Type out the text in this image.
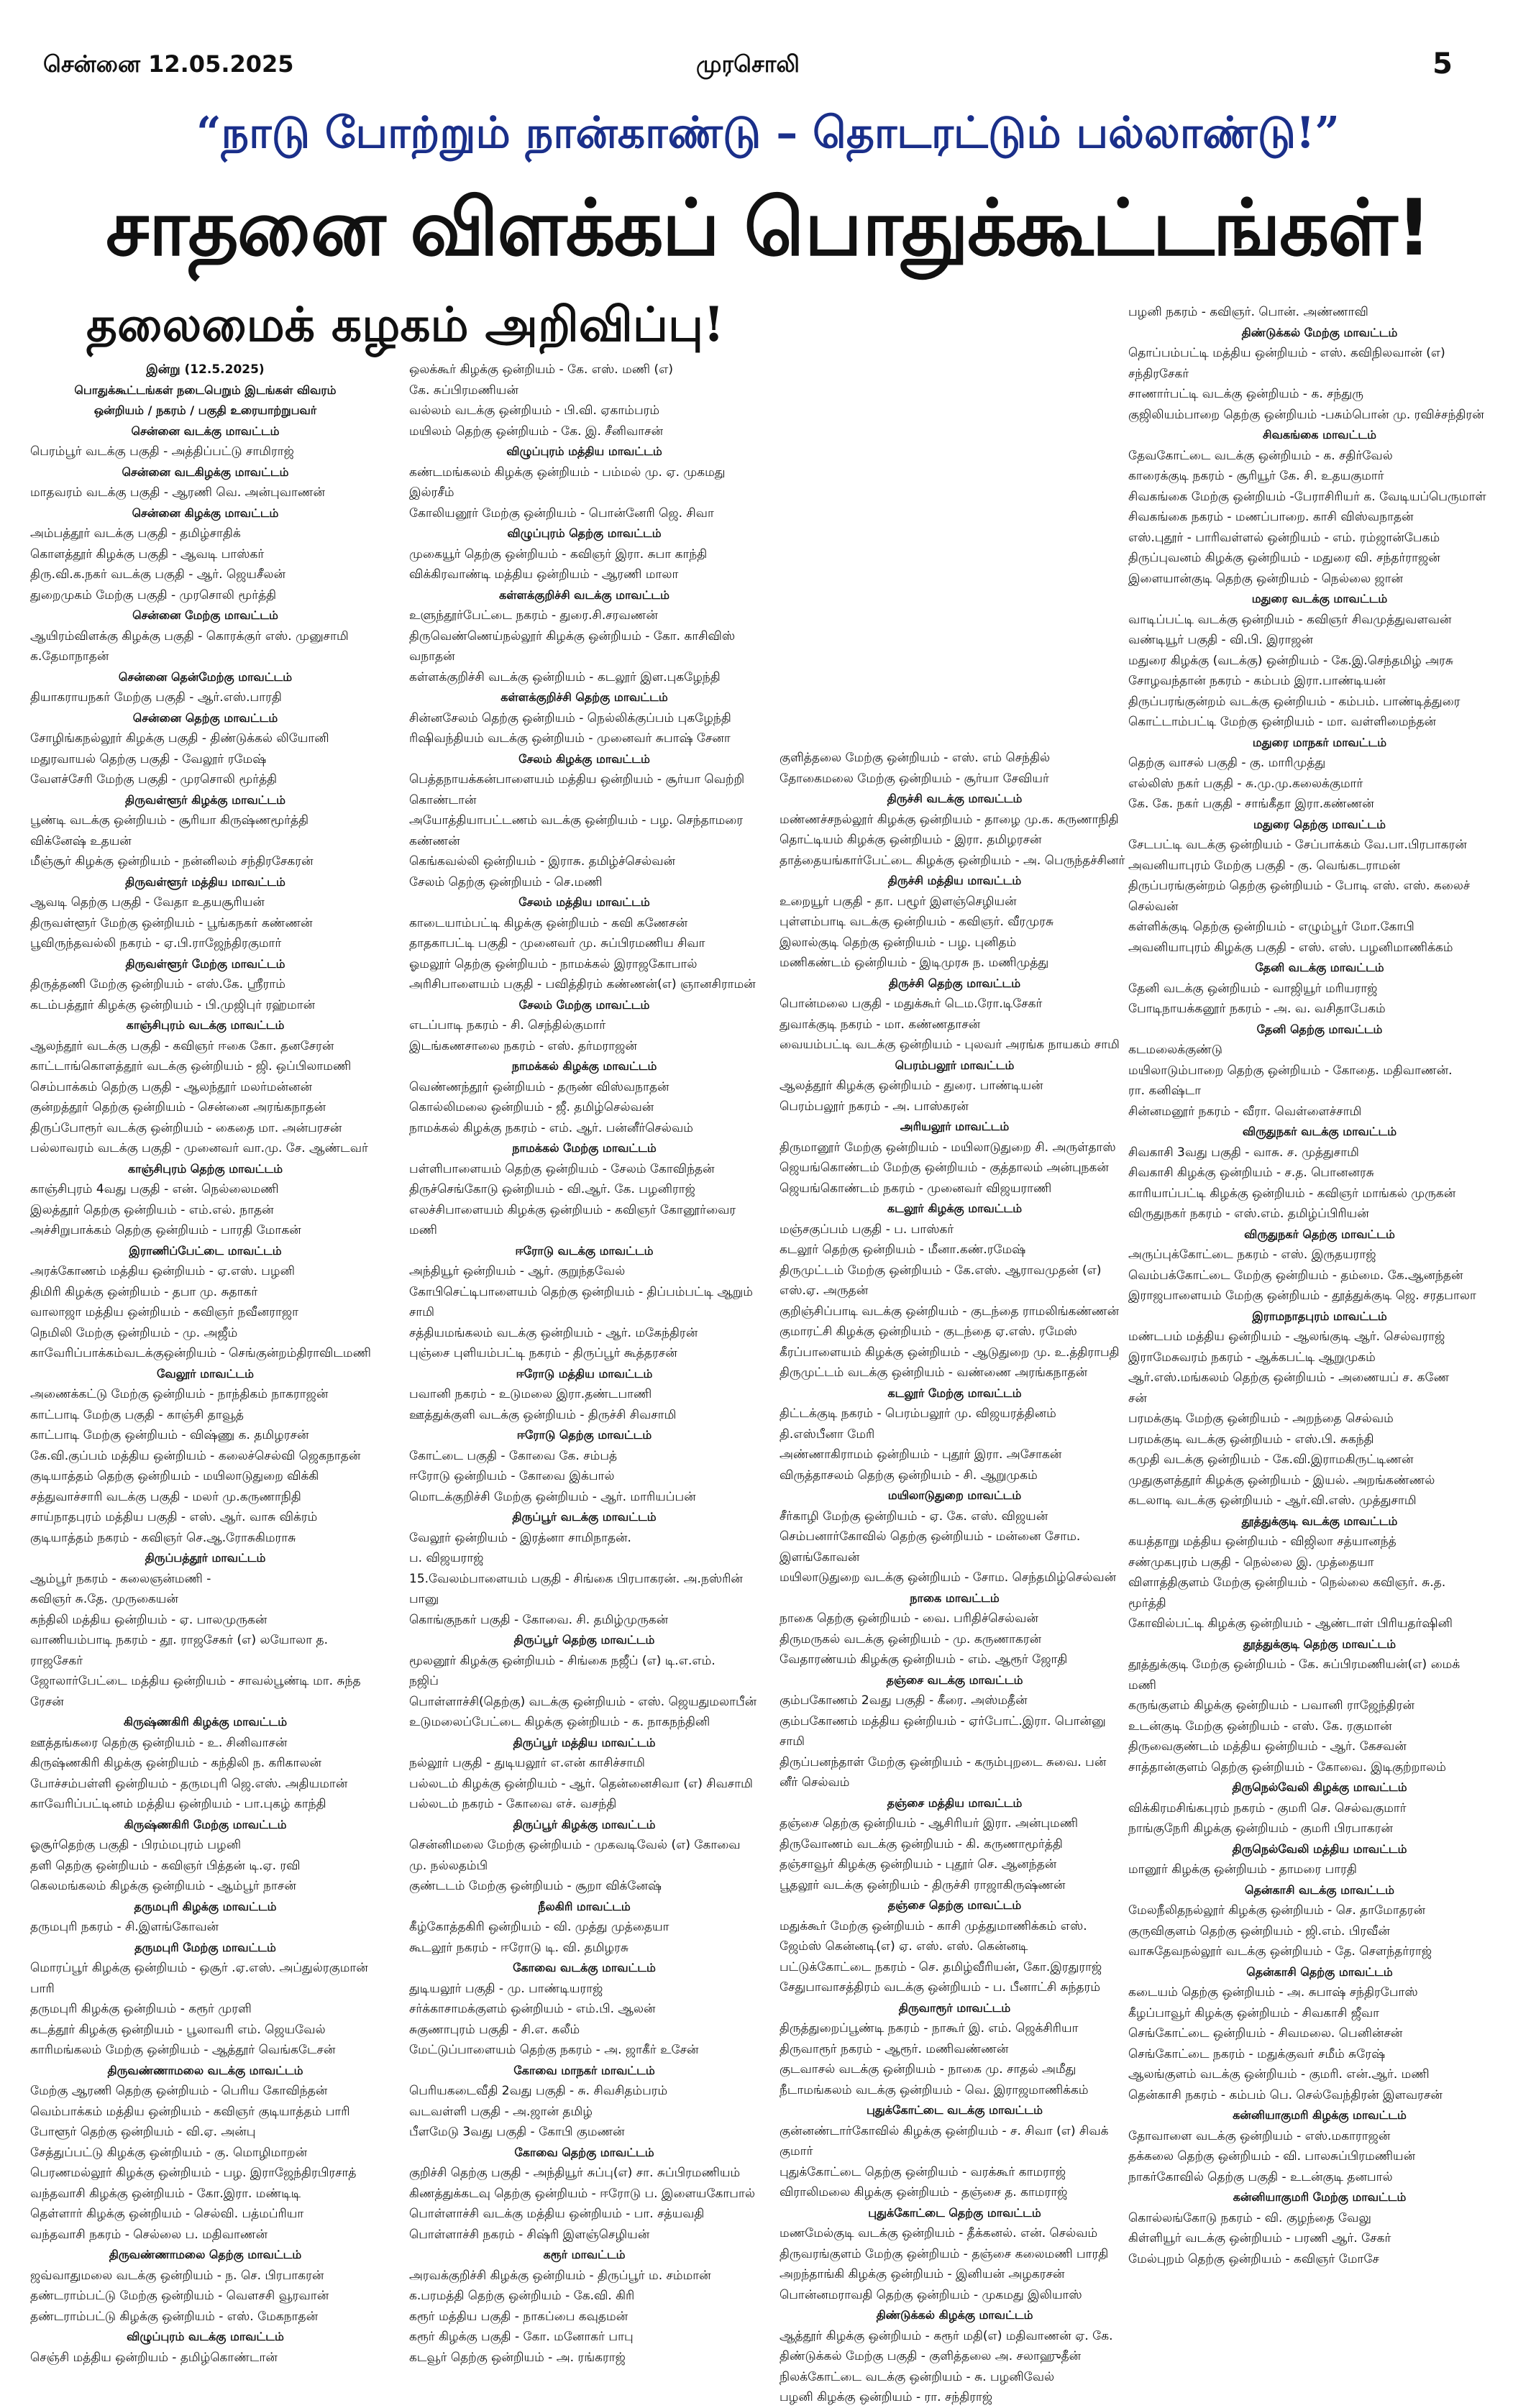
சென்னை 12.05.2025	முரசொலி	5
“நாடு போற்றும் நான்காண்டு – தொடரட்டும் பல்லாண்டு!”
சாதனை விளக்கப் பொதுக்கூட்டங்கள்!
தலைமைக் கழகம் அறிவிப்பு!
இன்று (12.5.2025)
பொதுக்கூட்டங்கள் நடைபெறும் இடங்கள் விவரம்
ஒன்றியம் / நகரம் / பகுதி உரையாற்றுபவர்
சென்னை வடக்கு மாவட்டம்
பெரம்பூர் வடக்கு பகுதி - அத்திப்பட்டு சாமிராஜ்
சென்னை வடகிழக்கு மாவட்டம்
மாதவரம் வடக்கு பகுதி - ஆரணி வெ. அன்புவாணன்
சென்னை கிழக்கு மாவட்டம்
அம்பத்தூர் வடக்கு பகுதி - தமிழ்சாதிக்
கொளத்தூர் கிழக்கு பகுதி - ஆவடி பாஸ்கர்
திரு.வி.க.நகர் வடக்கு பகுதி - ஆர். ஜெயசீலன்
துறைமுகம் மேற்கு பகுதி - முரசொலி மூர்த்தி
சென்னை மேற்கு மாவட்டம்
ஆயிரம்விளக்கு கிழக்கு பகுதி - கொரக்குர் எஸ். முனுசாமி
க.தேமாநாதன்
சென்னை தென்மேற்கு மாவட்டம்
தியாகராயநகர் மேற்கு பகுதி - ஆர்.எஸ்.பாரதி
சென்னை தெற்கு மாவட்டம்
சோழிங்கநல்லூர் கிழக்கு பகுதி - திண்டுக்கல் லியோனி
மதுரவாயல் தெற்கு பகுதி - வேலூர் ரமேஷ்
வேளச்சேரி மேற்கு பகுதி - முரசொலி மூர்த்தி
திருவள்ளூர் கிழக்கு மாவட்டம்
பூண்டி வடக்கு ஒன்றியம் - சூரியா கிருஷ்ணமூர்த்தி
விக்னேஷ் உதயன்
மீஞ்சூர் கிழக்கு ஒன்றியம் - நன்னிலம் சந்திரசேகரன்
திருவள்ளூர் மத்திய மாவட்டம்
ஆவடி தெற்கு பகுதி - வேதா உதயசூரியன்
திருவள்ளூர் மேற்கு ஒன்றியம் - பூங்கநகர் கண்ணன்
பூவிருந்தவல்லி நகரம் - ஏ.பி.ராஜேந்திரகுமார்
திருவள்ளூர் மேற்கு மாவட்டம்
திருத்தணி மேற்கு ஒன்றியம் - எஸ்.கே. ஸ்ரீராம்
கடம்பத்தூர் கிழக்கு ஒன்றியம் - பி.முஜிபுர் ரஹ்மான்
காஞ்சிபுரம் வடக்கு மாவட்டம்
ஆலந்தூர் வடக்கு பகுதி - கவிஞர் ஈகை கோ. தனசேரன்
காட்டாங்கொளத்தூர் வடக்கு ஒன்றியம் - ஜி. ஒப்பிலாமணி
செம்பாக்கம் தெற்கு பகுதி - ஆலந்தூர் மலர்மன்னன்
குன்றத்தூர் தெற்கு ஒன்றியம் - சென்னை அரங்கநாதன்
திருப்போரூர் வடக்கு ஒன்றியம் - கைதை மா. அன்பரசன்
பல்லாவரம் வடக்கு பகுதி - முனைவர் வா.மு. சே. ஆண்டவர்
காஞ்சிபுரம் தெற்கு மாவட்டம்
காஞ்சிபுரம் 4வது பகுதி - என். நெல்லைமணி
இலத்தூர் தெற்கு ஒன்றியம் - எம்.எல். நாதன்
அச்சிறுபாக்கம் தெற்கு ஒன்றியம் - பாரதி மோகன்
இராணிப்பேட்டை மாவட்டம்
அரக்கோணம் மத்திய ஒன்றியம் - ஏ.எஸ். பழனி
திமிரி கிழக்கு ஒன்றியம் - தபா மு. சுதாகர்
வாலாஜா மத்திய ஒன்றியம் - கவிஞர் நவீனராஜா
நெமிலி மேற்கு ஒன்றியம் - மு. அஜீம்
காவேரிப்பாக்கம்வடக்குஒன்றியம் - செங்குன்றம்திராவிடமணி
வேலூர் மாவட்டம்
அணைக்கட்டு மேற்கு ஒன்றியம் - நாந்திகம் நாகராஜன்
காட்பாடி மேற்கு பகுதி - காஞ்சி தாவூத்
காட்பாடி மேற்கு ஒன்றியம் - விஷ்ணு க. தமிழரசன்
கே.வி.குப்பம் மத்திய ஒன்றியம் - கலைச்செல்வி ஜெகநாதன்
குடியாத்தம் தெற்கு ஒன்றியம் - மயிலாடுதுறை விக்கி
சத்துவாச்சாரி வடக்கு பகுதி - மலர் மு.கருணாநிதி
சாய்நாதபுரம் மத்திய பகுதி - எஸ். ஆர். வாசு விக்ரம்
குடியாத்தம் நகரம் - கவிஞர் செ.ஆ.ரோசுகிமராசு
திருப்பத்தூர் மாவட்டம்
ஆம்பூர் நகரம் - கலைஞன்மணி -
கவிஞர் சு.தே. முருகையன்
கந்திலி மத்திய ஒன்றியம் - ஏ. பாலமுருகன்
வாணியம்பாடி நகரம் - தூ. ராஜசேகர் (எ) லயோலா த.
ராஜசேகர்
ஜோலார்பேட்டை மத்திய ஒன்றியம் - சாவல்பூண்டி மா. சுந்த
ரேசன்
கிருஷ்ணகிரி கிழக்கு மாவட்டம்
ஊத்தங்கரை தெற்கு ஒன்றியம் - உ. சினிவாசன்
கிருஷ்ணகிரி கிழக்கு ஒன்றியம் - கந்திலி ந. கரிகாலன்
போச்சம்பள்ளி ஒன்றியம் - தருமபுரி ஜெ.எஸ். அதியமான்
காவேரிப்பட்டினம் மத்திய ஒன்றியம் - பா.புகழ் காந்தி
கிருஷ்ணகிரி மேற்கு மாவட்டம்
ஓசூர்தெற்கு பகுதி - பிரம்மபுரம் பழனி
தளி தெற்கு ஒன்றியம் - கவிஞர் பித்தன் டி.ஏ. ரவி
கெலமங்கலம் கிழக்கு ஒன்றியம் - ஆம்பூர் நாசன்
தருமபுரி கிழக்கு மாவட்டம்
தருமபுரி நகரம் - சி.இளங்கோவன்
தருமபுரி மேற்கு மாவட்டம்
மொரப்பூர் கிழக்கு ஒன்றியம் - ஒசூர் .ஏ.எஸ். அப்துல்ரகுமான்
பாரி
தருமபுரி கிழக்கு ஒன்றியம் - கரூர் முரளி
கடத்தூர் கிழக்கு ஒன்றியம் - பூலாவரி எம். ஜெயவேல்
காரிமங்கலம் மேற்கு ஒன்றியம் - ஆத்தூர் வெங்கடேசன்
திருவண்ணாமலை வடக்கு மாவட்டம்
மேற்கு ஆரணி தெற்கு ஒன்றியம் - பெரிய கோவிந்தன்
வெம்பாக்கம் மத்திய ஒன்றியம் - கவிஞர் குடியாத்தம் பாரி
போளூர் தெற்கு ஒன்றியம் - வி.ஏ. அன்பு
சேத்துப்பட்டு கிழக்கு ஒன்றியம் - கு. மொழிமாறன்
பெரணமல்லூர் கிழக்கு ஒன்றியம் - பழ. இராஜேந்திரபிரசாத்
வந்தவாசி கிழக்கு ஒன்றியம் - கோ.இரா. மண்டிடி
தெள்ளார் கிழக்கு ஒன்றியம் - செல்வி. பத்மப்ரியா
வந்தவாசி நகரம் - செல்லை ப. மதிவாணன்
திருவண்ணாமலை தெற்கு மாவட்டம்
ஜவ்வாதுமலை வடக்கு ஒன்றியம் - ந. செ. பிரபாகரன்
தண்டராம்பட்டு மேற்கு ஒன்றியம் - வெளசசி வூரவான்
தண்டராம்பட்டு கிழக்கு ஒன்றியம் - எஸ். மேகநாதன்
விழுப்புரம் வடக்கு மாவட்டம்
செஞ்சி மத்திய ஒன்றியம் - தமிழ்கொண்டான்
ஒலக்கூர் கிழக்கு ஒன்றியம் - கே. எஸ். மணி (எ)
கே. சுப்பிரமணியன்
வல்லம் வடக்கு ஒன்றியம் - பி.வி. ஏகாம்பரம்
மயிலம் தெற்கு ஒன்றியம் - கே. இ. சீனிவாசன்
விழுப்புரம் மத்திய மாவட்டம்
கண்டமங்கலம் கிழக்கு ஒன்றியம் - பம்மல் மு. ஏ. முகமது
இல்ரசீம்
கோலியனூர் மேற்கு ஒன்றியம் - பொன்னேரி ஜெ. சிவா
விழுப்புரம் தெற்கு மாவட்டம்
முகையூர் தெற்கு ஒன்றியம் - கவிஞர் இரா. சுபா காந்தி
விக்கிரவாண்டி மத்திய ஒன்றியம் - ஆரணி மாலா
கள்ளக்குறிச்சி வடக்கு மாவட்டம்
உளுந்தூர்பேட்டை நகரம் - துரை.சி.சரவணன்
திருவெண்ணெய்நல்லூர் கிழக்கு ஒன்றியம் - கோ. காசிவிஸ்
வநாதன்
கள்ளக்குறிச்சி வடக்கு ஒன்றியம் - கடலூர் இள.புகழேந்தி
கள்ளக்குறிச்சி தெற்கு மாவட்டம்
சின்னசேலம் தெற்கு ஒன்றியம் - நெல்லிக்குப்பம் புகழேந்தி
ரிஷிவந்தியம் வடக்கு ஒன்றியம் - முனைவர் சுபாஷ் சேனா
சேலம் கிழக்கு மாவட்டம்
பெத்தநாயக்கன்பாளையம் மத்திய ஒன்றியம் - சூர்யா வெற்றி
கொண்டான்
அயோத்தியாபட்டணம் வடக்கு ஒன்றியம் - பழ. செந்தாமரை
கண்ணன்
கெங்கவல்லி ஒன்றியம் - இராசு. தமிழ்ச்செல்வன்
சேலம் தெற்கு ஒன்றியம் - செ.மணி
சேலம் மத்திய மாவட்டம்
காடையாம்பட்டி கிழக்கு ஒன்றியம் - கவி கணேசன்
தாதகாபட்டி பகுதி - முனைவர் மு. சுப்பிரமணிய சிவா
ஓமலூர் தெற்கு ஒன்றியம் - நாமக்கல் இராஜகோபால்
அரிசிபாளையம் பகுதி - பவித்திரம் கண்ணன்(எ) ஞானசிராமன்
சேலம் மேற்கு மாவட்டம்
எடப்பாடி நகரம் - சி. செந்தில்குமார்
இடங்கணசாலை நகரம் - எஸ். தர்மராஜன்
நாமக்கல் கிழக்கு மாவட்டம்
வெண்ணந்தூர் ஒன்றியம் - தருண் விஸ்வநாதன்
கொல்லிமலை ஒன்றியம் - ஜீ. தமிழ்செல்வன்
நாமக்கல் கிழக்கு நகரம் - எம். ஆர். பன்னீர்செல்வம்
நாமக்கல் மேற்கு மாவட்டம்
பள்ளிபாளையம் தெற்கு ஒன்றியம் - சேலம் கோவிந்தன்
திருச்செங்கோடு ஒன்றியம் - வி.ஆர். கே. பழனிராஜ்
எலச்சிபாளையம் கிழக்கு ஒன்றியம் - கவிஞர் கோனூர்வைர
மணி
ஈரோடு வடக்கு மாவட்டம்
அந்தியூர் ஒன்றியம் - ஆர். குறுந்தவேல்
கோபிசெட்டிபாளையம் தெற்கு ஒன்றியம் - திப்பம்பட்டி ஆறும்
சாமி
சத்தியமங்கலம் வடக்கு ஒன்றியம் - ஆர். மகேந்திரன்
புஞ்சை புளியம்பட்டி நகரம் - திருப்பூர் கூத்தரசன்
ஈரோடு மத்திய மாவட்டம்
பவானி நகரம் - உடுமலை இரா.தண்டபாணி
ஊத்துக்குளி வடக்கு ஒன்றியம் - திருச்சி சிவசாமி
ஈரோடு தெற்கு மாவட்டம்
கோட்டை பகுதி - கோவை கே. சம்பத்
ஈரோடு ஒன்றியம் - கோவை இக்பால்
மொடக்குறிச்சி மேற்கு ஒன்றியம் - ஆர். மாரியப்பன்
திருப்பூர் வடக்கு மாவட்டம்
வேலூர் ஒன்றியம் - இரத்னா சாமிநாதன்.
ப. விஜயராஜ்
15.வேலம்பாளையம் பகுதி - சிங்கை பிரபாகரன். அ.நஸ்ரின்
பானு
கொங்குநகர் பகுதி - கோவை. சி. தமிழ்முருகன்
திருப்பூர் தெற்கு மாவட்டம்
மூலனூர் கிழக்கு ஒன்றியம் - சிங்கை நஜீப் (எ) டி.எ.எம்.
நஜிப்
பொள்ளாச்சி(தெற்கு) வடக்கு ஒன்றியம் - எஸ். ஜெயதுமலாபீன்
உடுமலைப்பேட்டை கிழக்கு ஒன்றியம் - க. நாகநந்தினி
திருப்பூர் மத்திய மாவட்டம்
நல்லூர் பகுதி - துடியலூர் எ.என் காசிச்சாமி
பல்லடம் கிழக்கு ஒன்றியம் - ஆர். தென்னைசிவா (எ) சிவசாமி
பல்லடம் நகரம் - கோவை எச். வசந்தி
திருப்பூர் கிழக்கு மாவட்டம்
சென்னிமலை மேற்கு ஒன்றியம் - முகவடிவேல் (எ) கோவை
மு. நல்லதம்பி
குண்டடம் மேற்கு ஒன்றியம் - சூறா விக்னேஷ்
நீலகிரி மாவட்டம்
கீழ்கோத்தகிரி ஒன்றியம் - வி. முத்து முத்தையா
கூடலூர் நகரம் - ஈரோடு டி. வி. தமிழரசு
கோவை வடக்கு மாவட்டம்
துடியலூர் பகுதி - மு. பாண்டியராஜ்
சர்க்காசாமக்குளம் ஒன்றியம் - எம்.பி. ஆலன்
சுகுணாபுரம் பகுதி - சி.எ. கலீம்
மேட்டுப்பாளையம் தெற்கு நகரம் - அ. ஜாகீர் உசேன்
கோவை மாநகர் மாவட்டம்
பெரியகடைவீதி 2வது பகுதி - சு. சிவசிதம்பரம்
வடவள்ளி பகுதி - அ.ஜான் தமிழ்
பீளமேடு 3வது பகுதி - கோபி குமணன்
கோவை தெற்கு மாவட்டம்
குறிச்சி தெற்கு பகுதி - அந்தியூர் சுப்பு(எ) சா. சுப்பிரமணியம்
கிணத்துக்கடவு தெற்கு ஒன்றியம் - ஈரோடு ப. இளையகோபால்
பொள்ளாச்சி வடக்கு மத்திய ஒன்றியம் - பா. சத்யவதி
பொள்ளாச்சி நகரம் - சிஷ்ரி இளஞ்செழியன்
கரூர் மாவட்டம்
அரவக்குறிச்சி கிழக்கு ஒன்றியம் - திருப்பூர் ம. சம்மான்
க.பரமத்தி தெற்கு ஒன்றியம் - கே.வி. கிரி
கரூர் மத்திய பகுதி - நாகப்பை கவுதமன்
கரூர் கிழக்கு பகுதி - கோ. மனோகர் பாபு
கடவூர் தெற்கு ஒன்றியம் - அ. ரங்கராஜ்
குளித்தலை மேற்கு ஒன்றியம் - எஸ். எம் செந்தில்
தோகைமலை மேற்கு ஒன்றியம் - சூர்யா சேவியர்
திருச்சி வடக்கு மாவட்டம்
மண்ணச்சநல்லூர் கிழக்கு ஒன்றியம் - தாழை மு.க. கருணாநிதி
தொட்டியம் கிழக்கு ஒன்றியம் - இரா. தமிழரசன்
தாத்தையங்கார்பேட்டை கிழக்கு ஒன்றியம் - அ. பெருந்தச்சினர்
திருச்சி மத்திய மாவட்டம்
உறையூர் பகுதி - தா. பழூர் இளஞ்செழியன்
புள்ளம்பாடி வடக்கு ஒன்றியம் - கவிஞர். வீரமுரசு
இலால்குடி தெற்கு ஒன்றியம் - பழ. புனிதம்
மணிகண்டம் ஒன்றியம் - இடிமுரசு ந. மணிமுத்து
திருச்சி தெற்கு மாவட்டம்
பொன்மலை பகுதி - மதுக்கூர் டெம.ரோ.டிசேகர்
துவாக்குடி நகரம் - மா. கண்ணதாசன்
வையம்பட்டி வடக்கு ஒன்றியம் - புலவர் அரங்க நாயகம் சாமி
பெரம்பலூர் மாவட்டம்
ஆலத்தூர் கிழக்கு ஒன்றியம் - துரை. பாண்டியன்
பெரம்பலூர் நகரம் - அ. பாஸ்கரன்
அரியலூர் மாவட்டம்
திருமானூர் மேற்கு ஒன்றியம் - மயிலாடுதுறை சி. அருள்தாஸ்
ஜெயங்கொண்டம் மேற்கு ஒன்றியம் - குத்தாலம் அன்புநகன்
ஜெயங்கொண்டம் நகரம் - முனைவர் விஜயராணி
கடலூர் கிழக்கு மாவட்டம்
மஞ்சகுப்பம் பகுதி - ப. பாஸ்கர்
கடலூர் தெற்கு ஒன்றியம் - மீனா.கண்.ரமேஷ்
திருமுட்டம் மேற்கு ஒன்றியம் - கே.எஸ். ஆராவமுதன் (எ)
எஸ்.ஏ. அருதன்
குறிஞ்சிப்பாடி வடக்கு ஒன்றியம் - குடந்தை ராமலிங்கண்ணன்
குமாரட்சி கிழக்கு ஒன்றியம் - குடந்தை ஏ.எஸ். ரமேஸ்
கீரப்பாளையம் கிழக்கு ஒன்றியம் - ஆடுதுறை மு. உ.த்திராபதி
திருமுட்டம் வடக்கு ஒன்றியம் - வண்ணை அரங்கநாதன்
கடலூர் மேற்கு மாவட்டம்
திட்டக்குடி நகரம் - பெரம்பலூர் மு. விஜயரத்தினம்
தி.எஸ்பீனா மேரி
அண்ணாகிராமம் ஒன்றியம் - புதூர் இரா. அசோகன்
விருத்தாசலம் தெற்கு ஒன்றியம் - சி. ஆறுமுகம்
மயிலாடுதுறை மாவட்டம்
சீர்காழி மேற்கு ஒன்றியம் - ஏ. கே. எஸ். விஜயன்
செம்பனார்கோவில் தெற்கு ஒன்றியம் - மன்னை சோம.
இளங்கோவன்
மயிலாடுதுறை வடக்கு ஒன்றியம் - சோம. செந்தமிழ்செல்வன்
நாகை மாவட்டம்
நாகை தெற்கு ஒன்றியம் - வை. பரிதிச்செல்வன்
திருமருகல் வடக்கு ஒன்றியம் - மு. கருணாகரன்
வேதாரண்யம் கிழக்கு ஒன்றியம் - எம். ஆரூர் ஜோதி
தஞ்சை வடக்கு மாவட்டம்
கும்பகோணம் 2வது பகுதி - கீரை. அஸ்மதீன்
கும்பகோணம் மத்திய ஒன்றியம் - ஏர்போட்.இரா. பொன்னு
சாமி
திருப்பனந்தாள் மேற்கு ஒன்றியம் - கரும்புறடை சுவை. பன்
னீர் செல்வம்
தஞ்சை மத்திய மாவட்டம்
தஞ்சை தெற்கு ஒன்றியம் - ஆசிரியர் இரா. அன்புமணி
திருவோணம் வடக்கு ஒன்றியம் - கி. கருணாமூர்த்தி
தஞ்சாவூர் கிழக்கு ஒன்றியம் - புதூர் செ. ஆனந்தன்
பூதலூர் வடக்கு ஒன்றியம் - திருச்சி ராஜாகிருஷ்ணன்
தஞ்சை தெற்கு மாவட்டம்
மதுக்கூர் மேற்கு ஒன்றியம் - காசி முத்துமாணிக்கம் எஸ்.
ஜேம்ஸ் கென்னடி(எ) ஏ. எஸ். எஸ். கென்னடி
பட்டுக்கோட்டை நகரம் - செ. தமிழ்வீரியன், கோ.இரதுராஜ்
சேதுபாவாசத்திரம் வடக்கு ஒன்றியம் - ப. பீனாட்சி சுந்தரம்
திருவாரூர் மாவட்டம்
திருத்துறைப்பூண்டி நகரம் - நாகூர் இ. எம். ஜெக்சிரியா
திருவாரூர் நகரம் - ஆரூர். மணிவண்ணன்
குடவாசல் வடக்கு ஒன்றியம் - நாகை மு. சாதல் அமீது
நீடாமங்கலம் வடக்கு ஒன்றியம் - வெ. இராஜமாணிக்கம்
புதுக்கோட்டை வடக்கு மாவட்டம்
குன்னண்டார்கோவில் கிழக்கு ஒன்றியம் - ச. சிவா (எ) சிவக்
குமார்
புதுக்கோட்டை தெற்கு ஒன்றியம் - வரக்கூர் காமராஜ்
விராலிமலை கிழக்கு ஒன்றியம் - தஞ்சை த. காமராஜ்
புதுக்கோட்டை தெற்கு மாவட்டம்
மணமேல்குடி வடக்கு ஒன்றியம் - தீக்கனல். என். செல்வம்
திருவரங்குளம் மேற்கு ஒன்றியம் - தஞ்சை கலைமணி பாரதி
அறந்தாங்கி கிழக்கு ஒன்றியம் - இனியன் அழகரசன்
பொன்னமராவதி தெற்கு ஒன்றியம் - முகமது இலியாஸ்
திண்டுக்கல் கிழக்கு மாவட்டம்
ஆத்தூர் கிழக்கு ஒன்றியம் - கரூர் மதி(எ) மதிவாணன் ஏ. கே.
திண்டுக்கல் மேற்கு பகுதி - குளித்தலை அ. சலாஹுதீன்
நிலக்கோட்டை வடக்கு ஒன்றியம் - சு. பழனிவேல்
பழனி கிழக்கு ஒன்றியம் - ரா. சந்திராஜ்
பழனி நகரம் - கவிஞர். பொன். அண்ணாவி
திண்டுக்கல் மேற்கு மாவட்டம்
தொப்பம்பட்டி மத்திய ஒன்றியம் - எஸ். கவிநிலவான் (எ)
சந்திரசேகர்
சாணார்பட்டி வடக்கு ஒன்றியம் - க. சந்துரு
குஜிலியம்பாறை தெற்கு ஒன்றியம் -பசும்பொன் மு. ரவிச்சந்திரன்
சிவகங்கை மாவட்டம்
தேவகோட்டை வடக்கு ஒன்றியம் - க. சதிர்வேல்
காரைக்குடி நகரம் - சூரியூர் கே. சி. உதயகுமார்
சிவகங்கை மேற்கு ஒன்றியம் -பேராசிரியர் க. வேடியப்பெருமாள்
சிவகங்கை நகரம் - மணப்பாறை. காசி விஸ்வநாதன்
எஸ்.புதூர் - பாரிவள்ளல் ஒன்றியம் - எம். ரம்ஜான்பேகம்
திருப்புவனம் கிழக்கு ஒன்றியம் - மதுரை வி. சந்தர்ராஜன்
இளையான்குடி தெற்கு ஒன்றியம் - நெல்லை ஜான்
மதுரை வடக்கு மாவட்டம்
வாடிப்பட்டி வடக்கு ஒன்றியம் - கவிஞர் சிவமுத்துவளவன்
வண்டியூர் பகுதி - வி.பி. இராஜன்
மதுரை கிழக்கு (வடக்கு) ஒன்றியம் - கே.இ.செந்தமிழ் அரசு
சோழவந்தான் நகரம் - கம்பம் இரா.பாண்டியன்
திருப்பரங்குன்றம் வடக்கு ஒன்றியம் - கம்பம். பாண்டித்துரை
கொட்டாம்பட்டி மேற்கு ஒன்றியம் - மா. வள்ளிமைந்தன்
மதுரை மாநகர் மாவட்டம்
தெற்கு வாசல் பகுதி - கு. மாரிமுத்து
எல்லிஸ் நகர் பகுதி - சு.மு.மு.கலைக்குமார்
கே. கே. நகர் பகுதி - சாங்கீதா இரா.கண்ணன்
மதுரை தெற்கு மாவட்டம்
சேடபட்டி வடக்கு ஒன்றியம் - சேப்பாக்கம் வே.பா.பிரபாகரன்
அவனியாபுரம் மேற்கு பகுதி - கு. வெங்கடராமன்
திருப்பரங்குன்றம் தெற்கு ஒன்றியம் - போடி எஸ். எஸ். கலைச்
செல்வன்
கள்ளிக்குடி தெற்கு ஒன்றியம் - எழும்பூர் மோ.கோபி
அவனியாபுரம் கிழக்கு பகுதி - எஸ். எஸ். பழனிமாணிக்கம்
தேனி வடக்கு மாவட்டம்
தேனி வடக்கு ஒன்றியம் - வாஜியூர் மரியராஜ்
போடிநாயக்கனூர் நகரம் - அ. வ. வசிதாபேகம்
தேனி தெற்கு மாவட்டம்
கடமலைக்குண்டு
மயிலாடும்பாறை தெற்கு ஒன்றியம் - கோதை. மதிவாணன்.
ரா. கனிஷ்டா
சின்னமனூர் நகரம் - வீரா. வெள்ளைச்சாமி
விருதுநகர் வடக்கு மாவட்டம்
சிவகாசி 3வது பகுதி - வாசு. ச. முத்துசாமி
சிவகாசி கிழக்கு ஒன்றியம் - ச.த. பொனனரசு
காரியாப்பட்டி கிழக்கு ஒன்றியம் - கவிஞர் மாங்கல் முருகன்
விருதுநகர் நகரம் - எஸ்.எம். தமிழ்ப்பிரியன்
விருதுநகர் தெற்கு மாவட்டம்
அருப்புக்கோட்டை நகரம் - எஸ். இருதயராஜ்
வெம்பக்கோட்டை மேற்கு ஒன்றியம் - தம்மை. கே.ஆனந்தன்
இராஜபாளையம் மேற்கு ஒன்றியம் - தூத்துக்குடி ஜெ. சரதபாலா
இராமநாதபுரம் மாவட்டம்
மண்டபம் மத்திய ஒன்றியம் - ஆலங்குடி ஆர். செல்வராஜ்
இராமேசுவரம் நகரம் - ஆக்கபட்டி ஆறுமுகம்
ஆர்.எஸ்.மங்கலம் தெற்கு ஒன்றியம் - அணையப் ச. கணே
சன்
பரமக்குடி மேற்கு ஒன்றியம் - அறந்தை செல்வம்
பரமக்குடி வடக்கு ஒன்றியம் - எஸ்.பி. சுகந்தி
கமுதி வடக்கு ஒன்றியம் - கே.வி.இராமகிருட்டிணன்
முதுகுளத்தூர் கிழக்கு ஒன்றியம் - இயல். அறங்கண்ணல்
கடலாடி வடக்கு ஒன்றியம் - ஆர்.வி.எஸ். முத்துசாமி
தூத்துக்குடி வடக்கு மாவட்டம்
கயத்தாறு மத்திய ஒன்றியம் - விஜிலா சத்யானந்த்
சண்முகபுரம் பகுதி - நெல்லை இ. முத்தையா
விளாத்திகுளம் மேற்கு ஒன்றியம் - நெல்லை கவிஞர். சு.த.
மூர்த்தி
கோவில்பட்டி கிழக்கு ஒன்றியம் - ஆண்டாள் பிரியதர்ஷினி
தூத்துக்குடி தெற்கு மாவட்டம்
தூத்துக்குடி மேற்கு ஒன்றியம் - கே. சுப்பிரமணியன்(எ) மைக்
மணி
கருங்குளம் கிழக்கு ஒன்றியம் - பவானி ராஜேந்திரன்
உடன்குடி மேற்கு ஒன்றியம் - எஸ். கே. ரகுமான்
திருவைகுண்டம் மத்திய ஒன்றியம் - ஆர். கேசவன்
சாத்தான்குளம் தெற்கு ஒன்றியம் - கோவை. இடிகுற்றாலம்
திருநெல்வேலி கிழக்கு மாவட்டம்
விக்கிரமசிங்கபுரம் நகரம் - குமரி செ. செல்வகுமார்
நாங்குநேரி கிழக்கு ஒன்றியம் - குமரி பிரபாகரன்
திருநெல்வேலி மத்திய மாவட்டம்
மானூர் கிழக்கு ஒன்றியம் - தாமரை பாரதி
தென்காசி வடக்கு மாவட்டம்
மேலநீலிதநல்லூர் கிழக்கு ஒன்றியம் - செ. தாமோதரன்
குருவிகுளம் தெற்கு ஒன்றியம் - ஜி.எம். பிரவீன்
வாசுதேவநல்லூர் வடக்கு ஒன்றியம் - தே. சௌந்தர்ராஜ்
தென்காசி தெற்கு மாவட்டம்
கடையம் தெற்கு ஒன்றியம் - அ. சுபாஷ் சந்திரபோஸ்
கீழப்பாவூர் கிழக்கு ஒன்றியம் - சிவகாசி ஜீவா
செங்கோட்டை ஒன்றியம் - சிவமலை. பெனின்சன்
செங்கோட்டை நகரம் - மதுக்குவர் சமீம் சுரேஷ்
ஆலங்குளம் வடக்கு ஒன்றியம் - குமரி. என்.ஆர். மணி
தென்காசி நகரம் - கம்பம் பெ. செல்வேந்திரன் இளவரசன்
கன்னியாகுமரி கிழக்கு மாவட்டம்
தோவாளை வடக்கு ஒன்றியம் - எஸ்.மகாராஜன்
தக்கலை தெற்கு ஒன்றியம் - வி. பாலசுப்பிரமணியன்
நாகர்கோவில் தெற்கு பகுதி - உடன்குடி தனபால்
கன்னியாகுமரி மேற்கு மாவட்டம்
கொல்லங்கோடு நகரம் - வி. குழந்தை வேலு
கிள்ளியூர் வடக்கு ஒன்றியம் - பரணி ஆர். சேகர்
மேல்புறம் தெற்கு ஒன்றியம் - கவிஞர் மோசே
